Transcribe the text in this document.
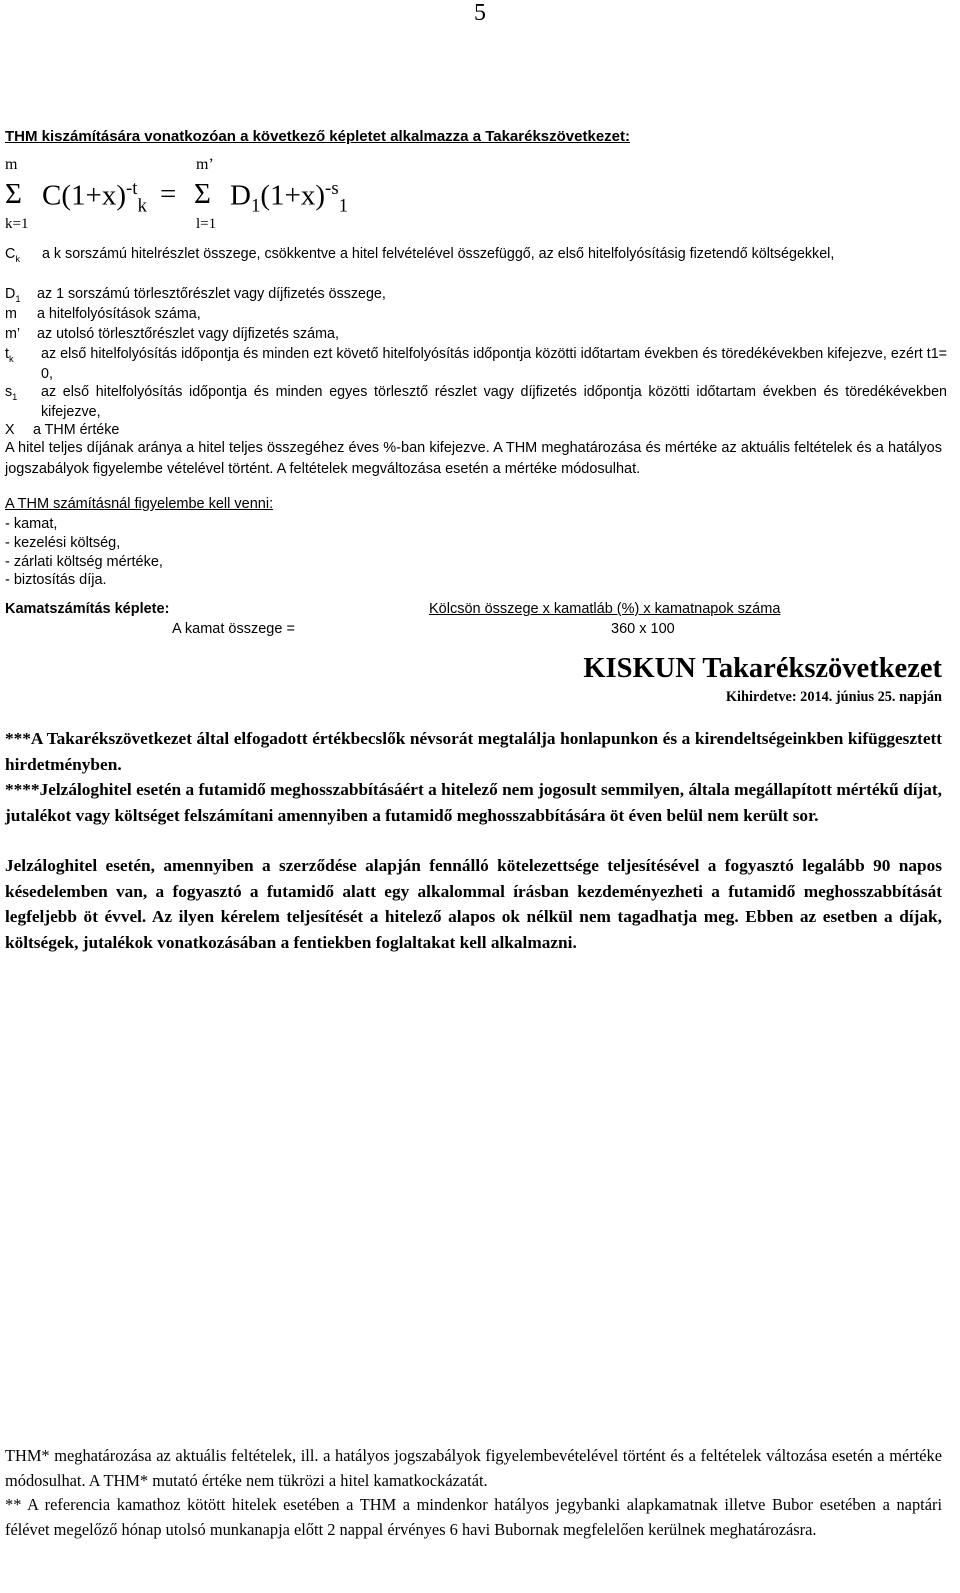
5
THM kiszámítására vonatkozóan a következő képletet alkalmazza a Takarékszövetkezet:
m	m’
Σ $C(1+x)^{-t}_k = \Sigma$ $D_1(1+x)^{-s}_1$
k=1	l=1
$C_k$ a k sorszámú hitelrészlet összege, csökkentve a hitel felvételével összefüggő, az első hitelfolyósításig fizetendő költségekkel,
$D_1$ az 1 sorszámú törlesztőrészlet vagy díjfizetés összege,
m a hitelfolyósítások száma,
m’ az utolsó törlesztőrészlet vagy díjfizetés száma,
$t_k$ az első hitelfolyósítás időpontja és minden ezt követő hitelfolyósítás időpontja közötti időtartam években és töredékévekben kifejezve, ezért t1= 0,
$s_1$ az első hitelfolyósítás időpontja és minden egyes törlesztő részlet vagy díjfizetés időpontja közötti időtartam években és töredékévekben kifejezve,
X a THM értéke
A hitel teljes díjának aránya a hitel teljes összegéhez éves %-ban kifejezve. A THM meghatározása és mértéke az aktuális feltételek és a hatályos jogszabályok figyelembe vételével történt. A feltételek megváltozása esetén a mértéke módosulhat.
A THM számításnál figyelembe kell venni:
- kamat,
- kezelési költség,
- zárlati költség mértéke,
- biztosítás díja.
Kamatszámítás képlete:	Kölcsön összege x kamatláb (%) x kamatnapok száma
A kamat összege =	360 x 100
KISKUN Takarékszövetkezet
Kihirdetve: 2014. június 25. napján
***A Takarékszövetkezet által elfogadott értékbecslők névsorát megtalálja honlapunkon és a kirendeltségeinkben kifüggesztett hirdetményben.
****Jelzáloghitel esetén a futamidő meghosszabbításáért a hitelező nem jogosult semmilyen, általa megállapított mértékű díjat, jutalékot vagy költséget felszámítani amennyiben a futamidő meghosszabbítására öt éven belül nem került sor.
Jelzáloghitel esetén, amennyiben a szerződése alapján fennálló kötelezettsége teljesítésével a fogyasztó legalább 90 napos késedelemben van, a fogyasztó a futamidő alatt egy alkalommal írásban kezdeményezheti a futamidő meghosszabbítását legfeljebb öt évvel. Az ilyen kérelem teljesítését a hitelező alapos ok nélkül nem tagadhatja meg. Ebben az esetben a díjak, költségek, jutalékok vonatkozásában a fentiekben foglaltakat kell alkalmazni.
THM* meghatározása az aktuális feltételek, ill. a hatályos jogszabályok figyelembevételével történt és a feltételek változása esetén a mértéke módosulhat. A THM* mutató értéke nem tükrözi a hitel kamatkockázatát.
** A referencia kamathoz kötött hitelek esetében a THM a mindenkor hatályos jegybanki alapkamatnak illetve Bubor esetében a naptári félévet megelőző hónap utolsó munkanapja előtt 2 nappal érvényes 6 havi Bubornak megfelelően kerülnek meghatározásra.
